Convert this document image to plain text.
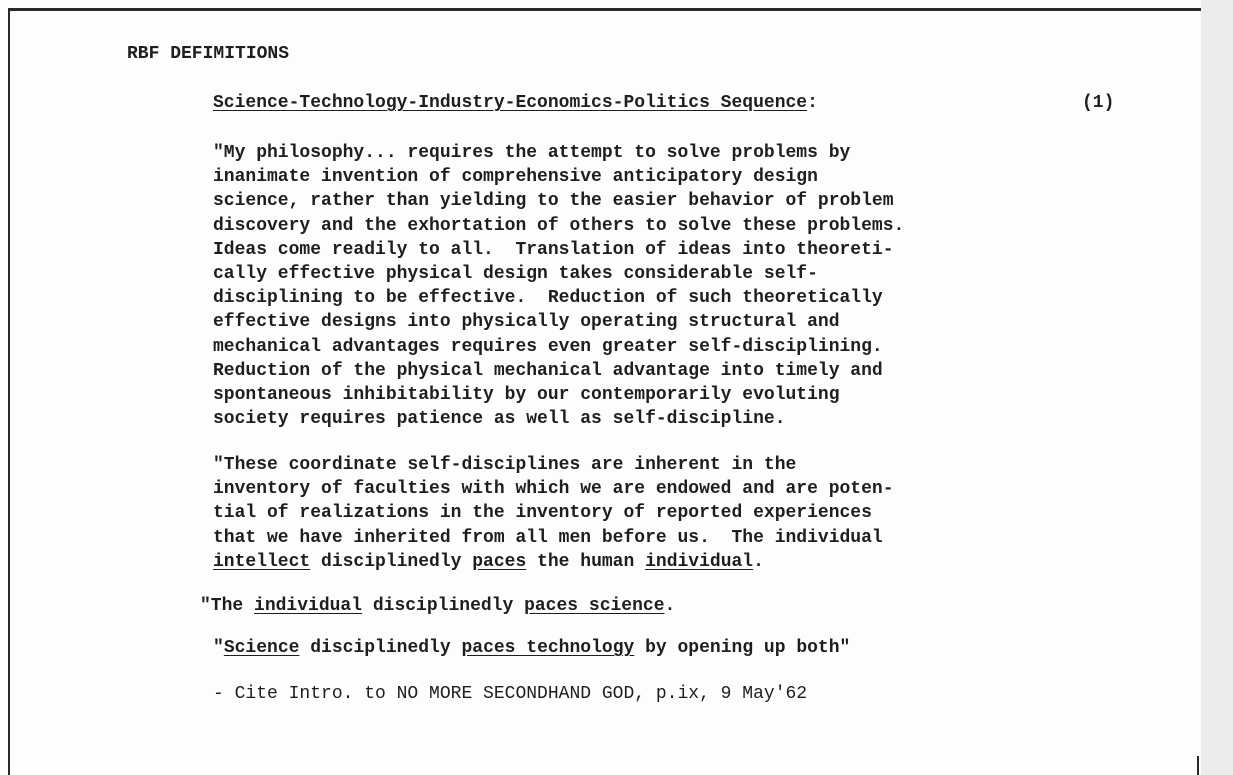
RBF DEFIMITIONS
Science-Technology-Industry-Economics-Politics Sequence:	(1)
"My philosophy... requires the attempt to solve problems by
inanimate invention of comprehensive anticipatory design
science, rather than yielding to the easier behavior of problem
discovery and the exhortation of others to solve these problems.
Ideas come readily to all.  Translation of ideas into theoreti-
cally effective physical design takes considerable self-
disciplining to be effective.  Reduction of such theoretically
effective designs into physically operating structural and
mechanical advantages requires even greater self-disciplining.
Reduction of the physical mechanical advantage into timely and
spontaneous inhibitability by our contemporarily evoluting
society requires patience as well as self-discipline.
"These coordinate self-disciplines are inherent in the
inventory of faculties with which we are endowed and are poten-
tial of realizations in the inventory of reported experiences
that we have inherited from all men before us.  The individual
intellect disciplinedly paces the human individual.
"The individual disciplinedly paces science.
"Science disciplinedly paces technology by opening up both"
- Cite Intro. to NO MORE SECONDHAND GOD, p.ix, 9 May'62
